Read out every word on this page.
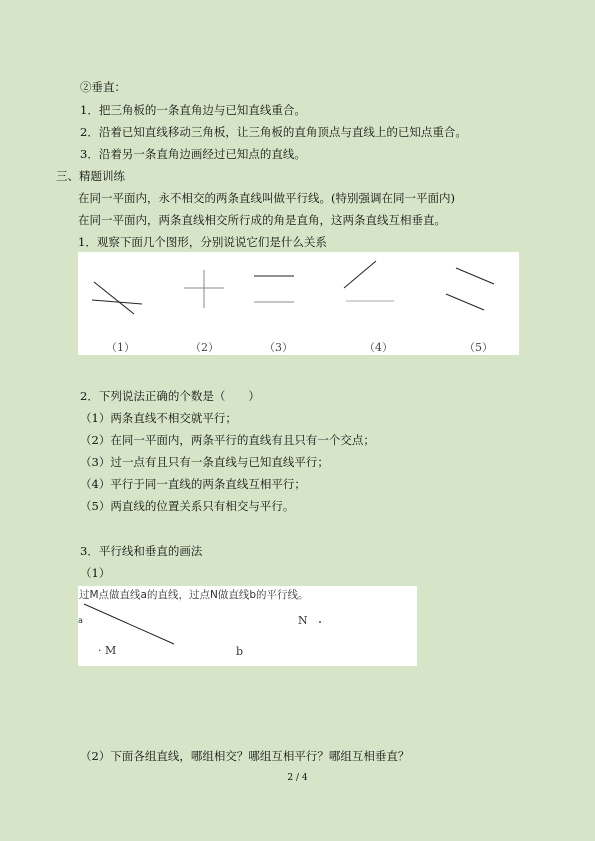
②垂直：
1．把三角板的一条直角边与已知直线重合。
2．沿着已知直线移动三角板，让三角板的直角顶点与直线上的已知点重合。
3．沿着另一条直角边画经过已知点的直线。
三、精题训练
在同一平面内，永不相交的两条直线叫做平行线。(特别强调在同一平面内)
在同一平面内，两条直线相交所行成的角是直角，这两条直线互相垂直。
1．观察下面几个图形，分别说说它们是什么关系
（1）	（2）	（3）	（4）	（5）
2．下列说法正确的个数是（　　）
（1）两条直线不相交就平行；
（2）在同一平面内，两条平行的直线有且只有一个交点；
（3）过一点有且只有一条直线与已知直线平行；
（4）平行于同一直线的两条直线互相平行；
（5）两直线的位置关系只有相交与平行。
3．平行线和垂直的画法
（1）
过M点做直线a的直线，过点N做直线b的平行线。
a	N
· M	b
（2）下面各组直线，哪组相交？哪组互相平行？哪组互相垂直？
2 / 4
